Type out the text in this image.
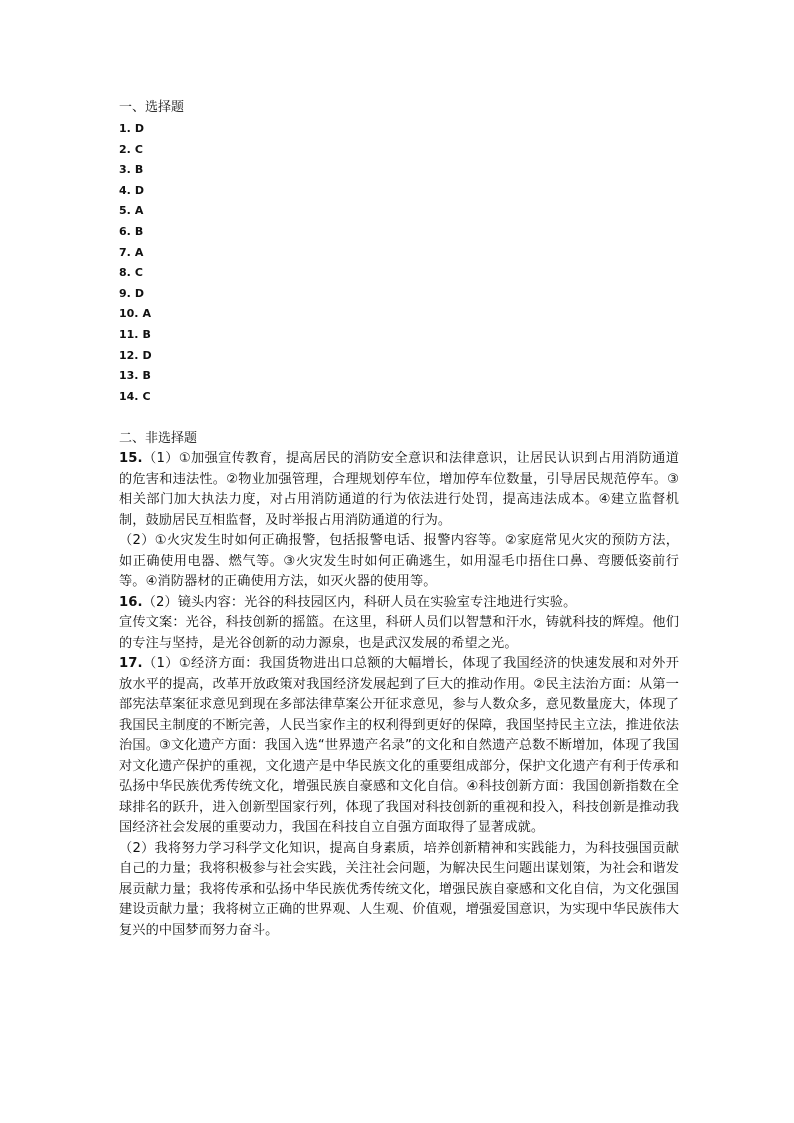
一、选择题

1. D
2. C
3. B
4. D
5. A
6. B
7. A
8. C
9. D
10. A
11. B
12. D
13. B
14. C

二、非选择题

15.（1）①加强宣传教育，提高居民的消防安全意识和法律意识，让居民认识到占用消防通道的危害和违法性。②物业加强管理，合理规划停车位，增加停车位数量，引导居民规范停车。③相关部门加大执法力度，对占用消防通道的行为依法进行处罚，提高违法成本。④建立监督机制，鼓励居民互相监督，及时举报占用消防通道的行为。

（2）①火灾发生时如何正确报警，包括报警电话、报警内容等。②家庭常见火灾的预防方法，如正确使用电器、燃气等。③火灾发生时如何正确逃生，如用湿毛巾捂住口鼻、弯腰低姿前行等。④消防器材的正确使用方法，如灭火器的使用等。

16.（2）镜头内容：光谷的科技园区内，科研人员在实验室专注地进行实验。

宣传文案：光谷，科技创新的摇篮。在这里，科研人员们以智慧和汗水，铸就科技的辉煌。他们的专注与坚持，是光谷创新的动力源泉，也是武汉发展的希望之光。

17.（1）①经济方面：我国货物进出口总额的大幅增长，体现了我国经济的快速发展和对外开放水平的提高，改革开放政策对我国经济发展起到了巨大的推动作用。②民主法治方面：从第一部宪法草案征求意见到现在多部法律草案公开征求意见，参与人数众多，意见数量庞大，体现了我国民主制度的不断完善，人民当家作主的权利得到更好的保障，我国坚持民主立法，推进依法治国。③文化遗产方面：我国入选“世界遗产名录”的文化和自然遗产总数不断增加，体现了我国对文化遗产保护的重视，文化遗产是中华民族文化的重要组成部分，保护文化遗产有利于传承和弘扬中华民族优秀传统文化，增强民族自豪感和文化自信。④科技创新方面：我国创新指数在全球排名的跃升，进入创新型国家行列，体现了我国对科技创新的重视和投入，科技创新是推动我国经济社会发展的重要动力，我国在科技自立自强方面取得了显著成就。

（2）我将努力学习科学文化知识，提高自身素质，培养创新精神和实践能力，为科技强国贡献自己的力量；我将积极参与社会实践，关注社会问题，为解决民生问题出谋划策，为社会和谐发展贡献力量；我将传承和弘扬中华民族优秀传统文化，增强民族自豪感和文化自信，为文化强国建设贡献力量；我将树立正确的世界观、人生观、价值观，增强爱国意识，为实现中华民族伟大复兴的中国梦而努力奋斗。
